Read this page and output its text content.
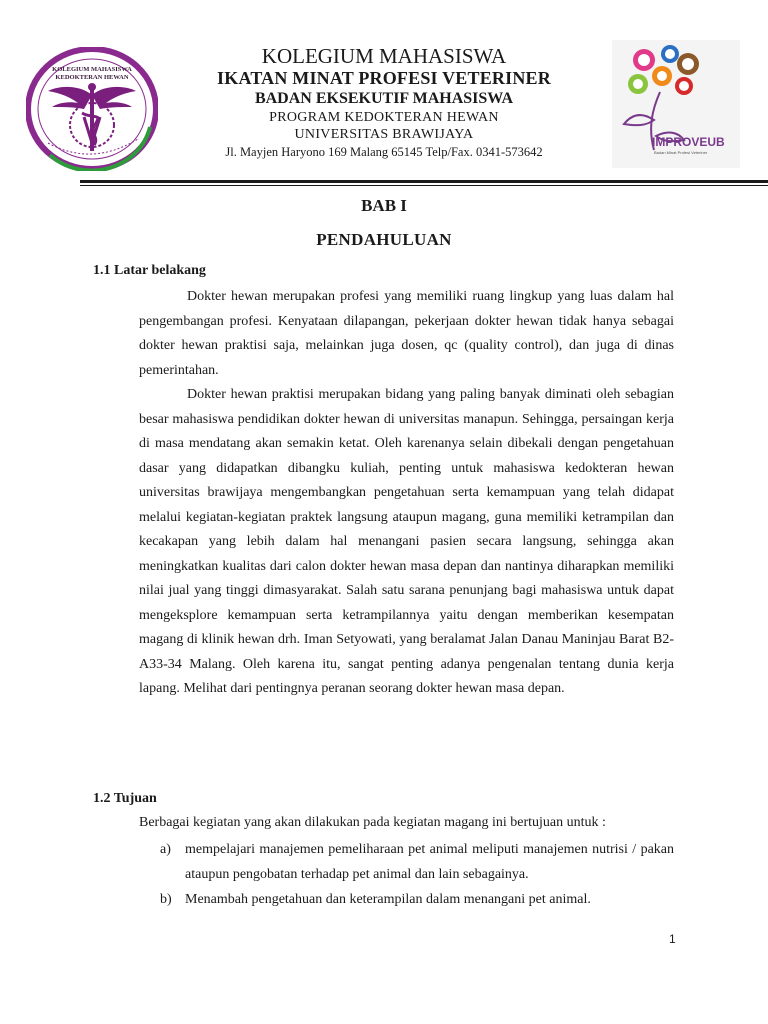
KOLEGIUM MAHASISWA
KEDOKTERAN HEWAN
KOLEGIUM MAHASISWA
IKATAN MINAT PROFESI VETERINER
BADAN EKSEKUTIF MAHASISWA
PROGRAM KEDOKTERAN HEWAN
UNIVERSITAS BRAWIJAYA
Jl. Mayjen Haryono 169 Malang 65145 Telp/Fax. 0341-573642
IMPROVEUB
Badan Minat Profesi Veteriner
BAB I
PENDAHULUAN
1.1 Latar belakang
Dokter hewan merupakan profesi yang memiliki ruang lingkup yang luas dalam hal pengembangan profesi. Kenyataan dilapangan, pekerjaan dokter hewan tidak hanya sebagai dokter hewan praktisi saja, melainkan juga dosen, qc (quality control), dan juga di dinas pemerintahan.
Dokter hewan praktisi merupakan bidang yang paling banyak diminati oleh sebagian besar mahasiswa pendidikan dokter hewan di universitas manapun. Sehingga, persaingan kerja di masa mendatang akan semakin ketat. Oleh karenanya selain dibekali dengan pengetahuan dasar yang didapatkan dibangku kuliah, penting untuk mahasiswa kedokteran hewan universitas brawijaya mengembangkan pengetahuan serta kemampuan yang telah didapat melalui kegiatan-kegiatan praktek langsung ataupun magang, guna memiliki ketrampilan dan kecakapan yang lebih dalam hal menangani pasien secara langsung, sehingga akan meningkatkan kualitas dari calon dokter hewan masa depan dan nantinya diharapkan memiliki nilai jual yang tinggi dimasyarakat. Salah satu sarana penunjang bagi mahasiswa untuk dapat mengeksplore kemampuan serta ketrampilannya yaitu dengan memberikan kesempatan magang di klinik hewan drh. Iman Setyowati, yang beralamat Jalan Danau Maninjau Barat B2-A33-34 Malang. Oleh karena itu, sangat penting adanya pengenalan tentang dunia kerja lapang. Melihat dari pentingnya peranan seorang dokter hewan masa depan.
1.2 Tujuan
Berbagai kegiatan yang akan dilakukan pada kegiatan magang ini bertujuan untuk :
a) mempelajari manajemen pemeliharaan pet animal meliputi manajemen nutrisi / pakan ataupun pengobatan terhadap pet animal dan lain sebagainya.
b) Menambah pengetahuan dan keterampilan dalam menangani pet animal.
1
